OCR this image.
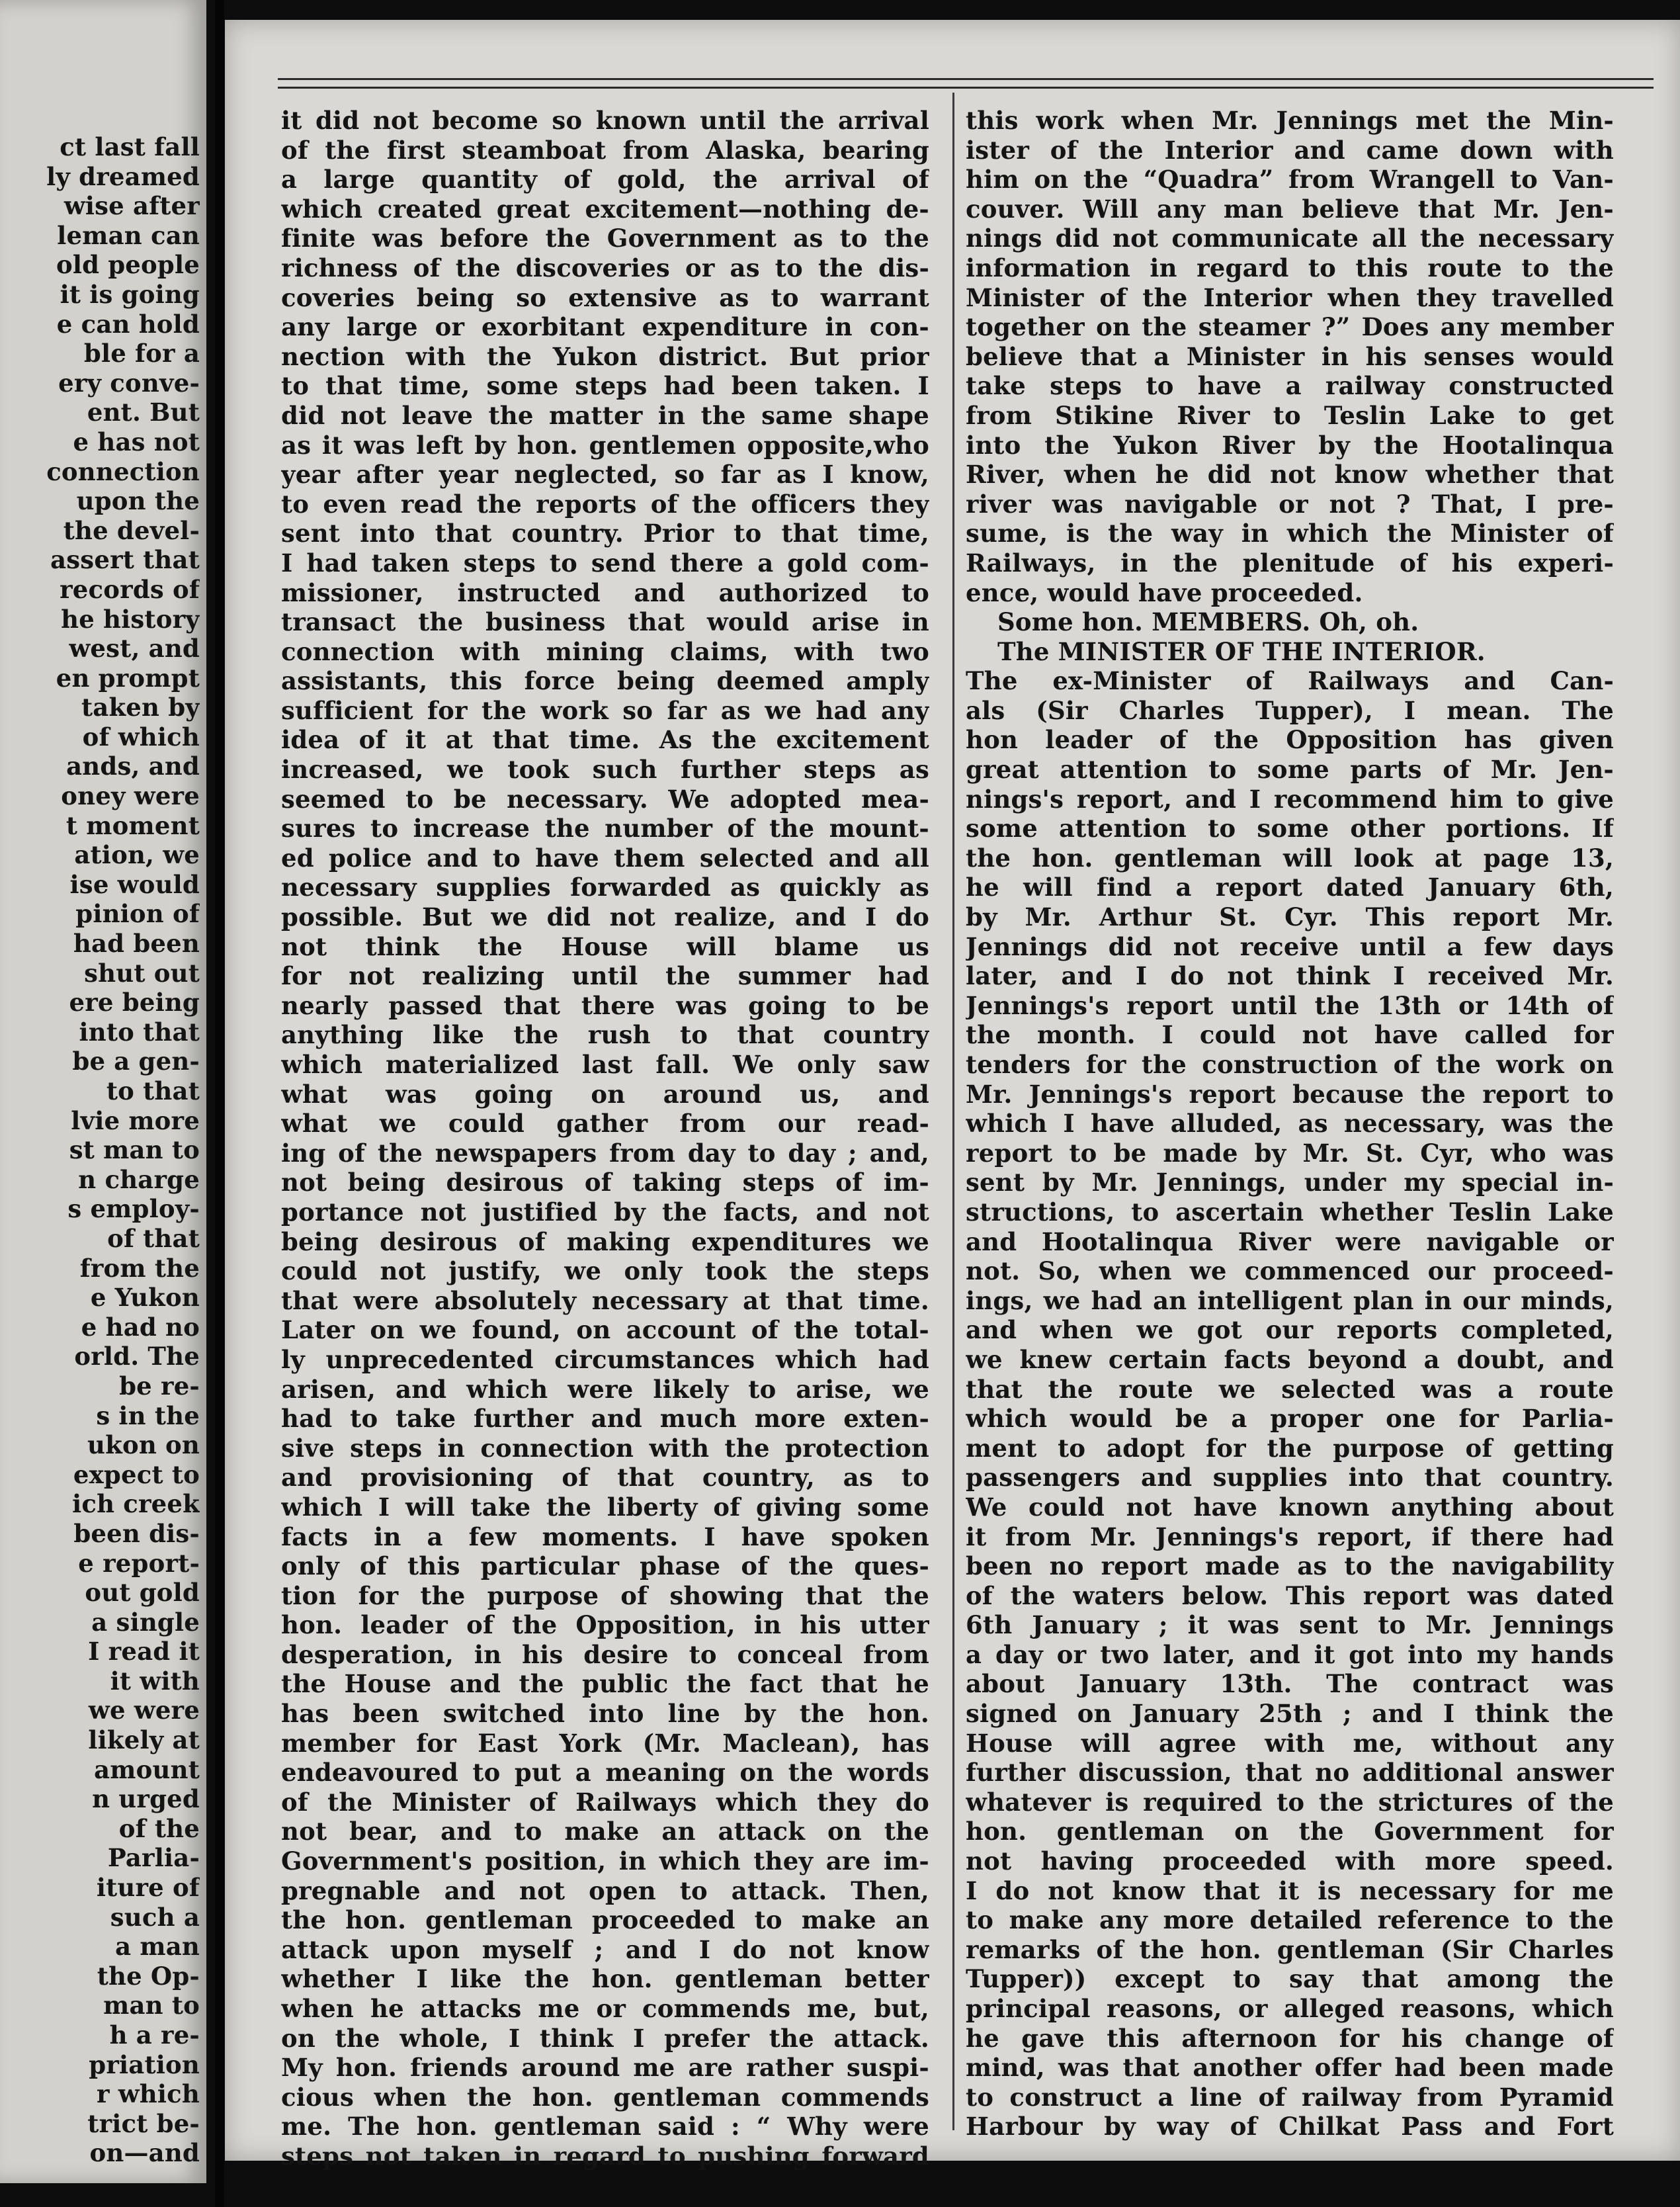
ct last fall
ly dreamed
wise after
leman can
old people
it is going
e can hold
ble for a
ery conve-
ent. But
e has not
connection
upon the
the devel-
assert that
records of
he history
west, and
en prompt
taken by
of which
ands, and
oney were
t moment
ation, we
ise would
pinion of
had been
shut out
ere being
into that
be a gen-
to that
lvie more
st man to
n charge
s employ-
of that
from the
e Yukon
e had no
orld. The
be re-
s in the
ukon on
expect to
ich creek
been dis-
e report-
out gold
a single
I read it
it with
we were
likely at
amount
n urged
of the
Parlia-
iture of
such a
a man
the Op-
man to
h a re-
priation
r which
trict be-
on—and
it did not become so known until the arrival
of the first steamboat from Alaska, bearing
a large quantity of gold, the arrival of
which created great excitement—nothing de-
finite was before the Government as to the
richness of the discoveries or as to the dis-
coveries being so extensive as to warrant
any large or exorbitant expenditure in con-
nection with the Yukon district. But prior
to that time, some steps had been taken. I
did not leave the matter in the same shape
as it was left by hon. gentlemen opposite,who
year after year neglected, so far as I know,
to even read the reports of the officers they
sent into that country. Prior to that time,
I had taken steps to send there a gold com-
missioner, instructed and authorized to
transact the business that would arise in
connection with mining claims, with two
assistants, this force being deemed amply
sufficient for the work so far as we had any
idea of it at that time. As the excitement
increased, we took such further steps as
seemed to be necessary. We adopted mea-
sures to increase the number of the mount-
ed police and to have them selected and all
necessary supplies forwarded as quickly as
possible. But we did not realize, and I do
not think the House will blame us
for not realizing until the summer had
nearly passed that there was going to be
anything like the rush to that country
which materialized last fall. We only saw
what was going on around us, and
what we could gather from our read-
ing of the newspapers from day to day ; and,
not being desirous of taking steps of im-
portance not justified by the facts, and not
being desirous of making expenditures we
could not justify, we only took the steps
that were absolutely necessary at that time.
Later on we found, on account of the total-
ly unprecedented circumstances which had
arisen, and which were likely to arise, we
had to take further and much more exten-
sive steps in connection with the protection
and provisioning of that country, as to
which I will take the liberty of giving some
facts in a few moments. I have spoken
only of this particular phase of the ques-
tion for the purpose of showing that the
hon. leader of the Opposition, in his utter
desperation, in his desire to conceal from
the House and the public the fact that he
has been switched into line by the hon.
member for East York (Mr. Maclean), has
endeavoured to put a meaning on the words
of the Minister of Railways which they do
not bear, and to make an attack on the
Government's position, in which they are im-
pregnable and not open to attack. Then,
the hon. gentleman proceeded to make an
attack upon myself ; and I do not know
whether I like the hon. gentleman better
when he attacks me or commends me, but,
on the whole, I think I prefer the attack.
My hon. friends around me are rather suspi-
cious when the hon. gentleman commends
me. The hon. gentleman said : “ Why were
steps not taken in regard to pushing forward
this work when Mr. Jennings met the Min-
ister of the Interior and came down with
him on the “Quadra” from Wrangell to Van-
couver. Will any man believe that Mr. Jen-
nings did not communicate all the necessary
information in regard to this route to the
Minister of the Interior when they travelled
together on the steamer ?” Does any member
believe that a Minister in his senses would
take steps to have a railway constructed
from Stikine River to Teslin Lake to get
into the Yukon River by the Hootalinqua
River, when he did not know whether that
river was navigable or not ? That, I pre-
sume, is the way in which the Minister of
Railways, in the plenitude of his experi-
ence, would have proceeded.
Some hon. MEMBERS. Oh, oh.
The MINISTER OF THE INTERIOR.
The ex-Minister of Railways and Can-
als (Sir Charles Tupper), I mean. The
hon leader of the Opposition has given
great attention to some parts of Mr. Jen-
nings's report, and I recommend him to give
some attention to some other portions. If
the hon. gentleman will look at page 13,
he will find a report dated January 6th,
by Mr. Arthur St. Cyr. This report Mr.
Jennings did not receive until a few days
later, and I do not think I received Mr.
Jennings's report until the 13th or 14th of
the month. I could not have called for
tenders for the construction of the work on
Mr. Jennings's report because the report to
which I have alluded, as necessary, was the
report to be made by Mr. St. Cyr, who was
sent by Mr. Jennings, under my special in-
structions, to ascertain whether Teslin Lake
and Hootalinqua River were navigable or
not. So, when we commenced our proceed-
ings, we had an intelligent plan in our minds,
and when we got our reports completed,
we knew certain facts beyond a doubt, and
that the route we selected was a route
which would be a proper one for Parlia-
ment to adopt for the purpose of getting
passengers and supplies into that country.
We could not have known anything about
it from Mr. Jennings's report, if there had
been no report made as to the navigability
of the waters below. This report was dated
6th January ; it was sent to Mr. Jennings
a day or two later, and it got into my hands
about January 13th. The contract was
signed on January 25th ; and I think the
House will agree with me, without any
further discussion, that no additional answer
whatever is required to the strictures of the
hon. gentleman on the Government for
not having proceeded with more speed.
I do not know that it is necessary for me
to make any more detailed reference to the
remarks of the hon. gentleman (Sir Charles
Tupper)) except to say that among the
principal reasons, or alleged reasons, which
he gave this afternoon for his change of
mind, was that another offer had been made
to construct a line of railway from Pyramid
Harbour by way of Chilkat Pass and Fort
